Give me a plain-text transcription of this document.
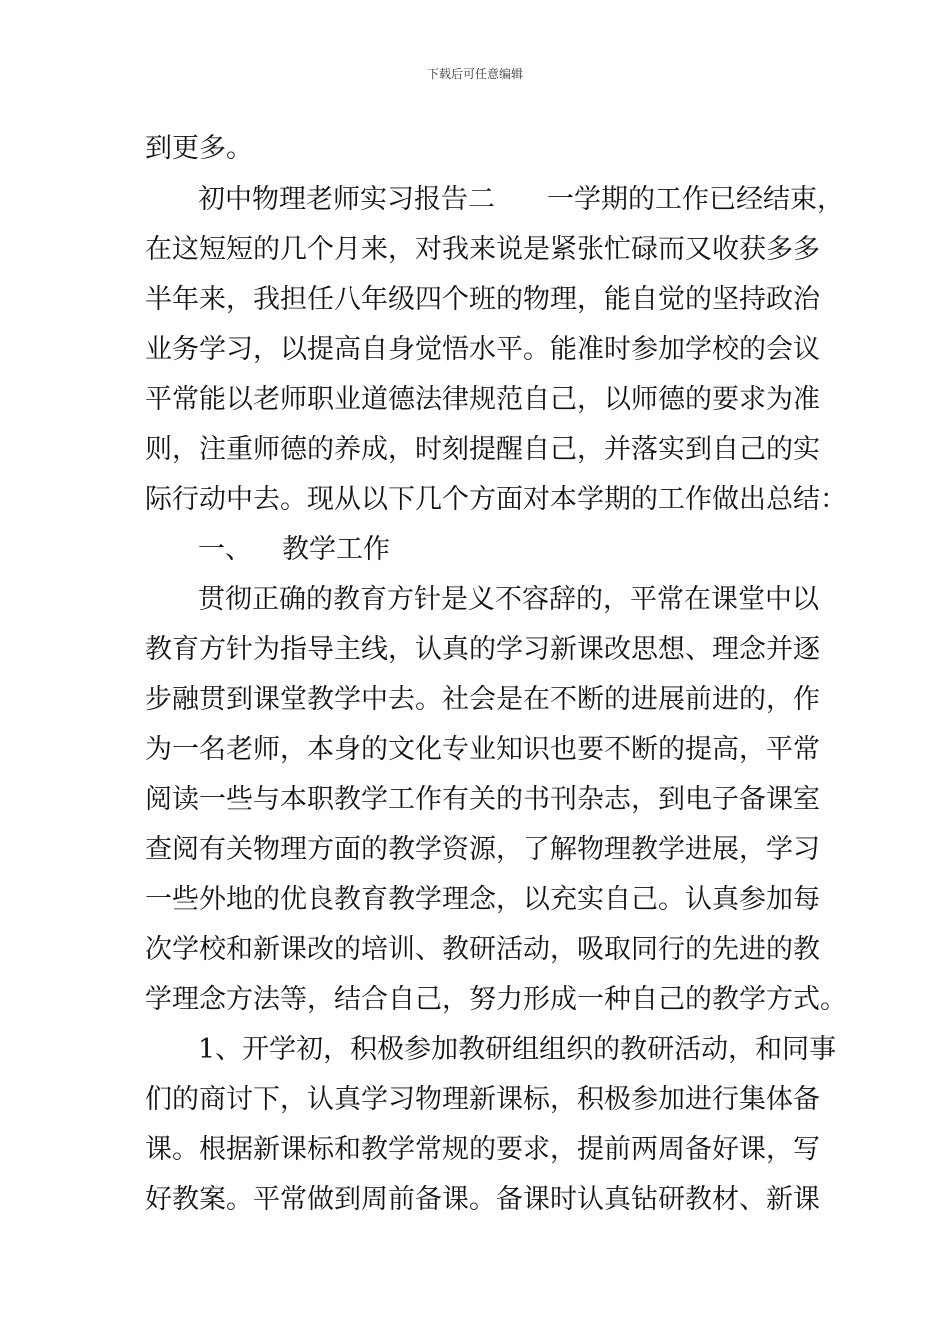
下载后可任意编辑
到更多。
初中物理老师实习报告二 一学期的工作已经结束，
在这短短的几个月来，对我来说是紧张忙碌而又收获多多
半年来，我担任八年级四个班的物理，能自觉的坚持政治
业务学习，以提高自身觉悟水平。能准时参加学校的会议
平常能以老师职业道德法律规范自己，以师德的要求为准
则，注重师德的养成，时刻提醒自己，并落实到自己的实
际行动中去。现从以下几个方面对本学期的工作做出总结：
一、 教学工作
贯彻正确的教育方针是义不容辞的，平常在课堂中以
教育方针为指导主线，认真的学习新课改思想、理念并逐
步融贯到课堂教学中去。社会是在不断的进展前进的，作
为一名老师，本身的文化专业知识也要不断的提高，平常
阅读一些与本职教学工作有关的书刊杂志，到电子备课室
查阅有关物理方面的教学资源，了解物理教学进展，学习
一些外地的优良教育教学理念，以充实自己。认真参加每
次学校和新课改的培训、教研活动，吸取同行的先进的教
学理念方法等，结合自己，努力形成一种自己的教学方式。
1、开学初，积极参加教研组组织的教研活动，和同事
们的商讨下，认真学习物理新课标，积极参加进行集体备
课。根据新课标和教学常规的要求，提前两周备好课，写
好教案。平常做到周前备课。备课时认真钻研教材、新课
